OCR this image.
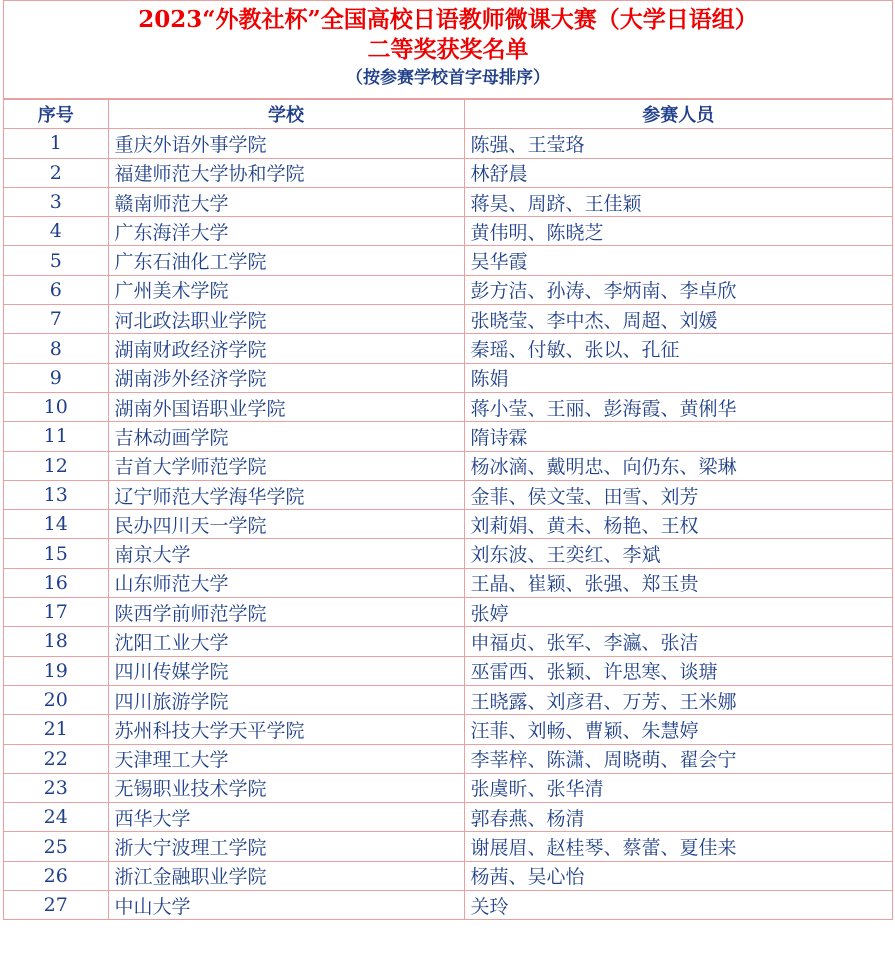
2023“外教社杯”全国高校日语教师微课大赛（大学日语组）
二等奖获奖名单
（按参赛学校首字母排序）
序号	学校	参赛人员
1	重庆外语外事学院	陈强、王莹珞
2	福建师范大学协和学院	林舒晨
3	赣南师范大学	蒋昊、周跻、王佳颖
4	广东海洋大学	黄伟明、陈晓芝
5	广东石油化工学院	吴华霞
6	广州美术学院	彭方洁、孙涛、李炳南、李卓欣
7	河北政法职业学院	张晓莹、李中杰、周超、刘媛
8	湖南财政经济学院	秦瑶、付敏、张以、孔征
9	湖南涉外经济学院	陈娟
10	湖南外国语职业学院	蒋小莹、王丽、彭海霞、黄俐华
11	吉林动画学院	隋诗霖
12	吉首大学师范学院	杨冰滴、戴明忠、向仍东、梁琳
13	辽宁师范大学海华学院	金菲、侯文莹、田雪、刘芳
14	民办四川天一学院	刘莉娟、黄未、杨艳、王权
15	南京大学	刘东波、王奕红、李斌
16	山东师范大学	王晶、崔颖、张强、郑玉贵
17	陕西学前师范学院	张婷
18	沈阳工业大学	申福贞、张军、李瀛、张洁
19	四川传媒学院	巫雷西、张颖、许思寒、谈瑭
20	四川旅游学院	王晓露、刘彦君、万芳、王米娜
21	苏州科技大学天平学院	汪菲、刘畅、曹颖、朱慧婷
22	天津理工大学	李莘梓、陈潇、周晓萌、翟会宁
23	无锡职业技术学院	张虞昕、张华清
24	西华大学	郭春燕、杨清
25	浙大宁波理工学院	谢展眉、赵桂琴、蔡蕾、夏佳来
26	浙江金融职业学院	杨茜、吴心怡
27	中山大学	关玲
